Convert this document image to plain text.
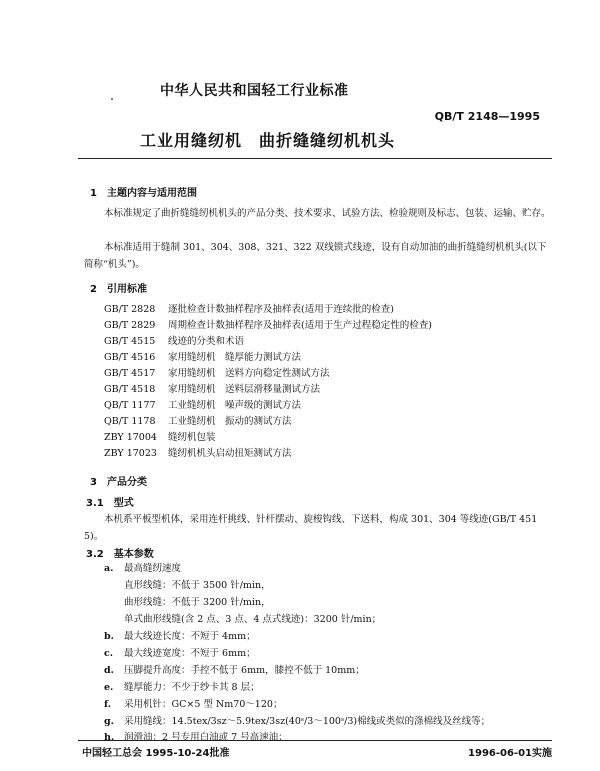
中华人民共和国轻工行业标准
QB/T 2148—1995
工业用缝纫机　曲折缝缝纫机机头
1　主题内容与适用范围
本标准规定了曲折缝缝纫机机头的产品分类、技术要求、试验方法、检验规则及标志、包装、运输、贮存。
本标准适用于缝制 301、304、308、321、322 双线锁式线迹，设有自动加油的曲折缝缝纫机机头(以下简称“机头”)。
2　引用标准
GB/T 2828 逐批检查计数抽样程序及抽样表(适用于连续批的检查)
GB/T 2829 周期检查计数抽样程序及抽样表(适用于生产过程稳定性的检查)
GB/T 4515 线迹的分类和术语
GB/T 4516 家用缝纫机　缝厚能力测试方法
GB/T 4517 家用缝纫机　送料方向稳定性测试方法
GB/T 4518 家用缝纫机　送料层滑移量测试方法
QB/T 1177 工业缝纫机　噪声级的测试方法
QB/T 1178 工业缝纫机　振动的测试方法
ZBY 17004 缝纫机包装
ZBY 17023 缝纫机机头启动扭矩测试方法
3　产品分类
3.1　型式
本机系平板型机体，采用连杆挑线、针杆摆动、旋梭钩线、下送料，构成 301、304 等线迹(GB/T 4515)。
3.2　基本参数
a. 最高缝纫速度
直形线缝：不低于 3500 针/min，
曲形线缝：不低于 3200 针/min，
单式曲形线缝(含 2 点、3 点、4 点式线迹)：3200 针/min；
b. 最大线迹长度：不短于 4mm；
c. 最大线迹宽度：不短于 6mm；
d. 压脚提升高度：手控不低于 6mm，膝控不低于 10mm；
e. 缝厚能力：不少于纱卡其 8 层；
f. 采用机针：GC×5 型 Nm70～120；
g. 采用缝线：14.5tex/3sz～5.9tex/3sz(40ˢ/3～100ˢ/3)棉线或类似的涤棉线及丝线等；
h. 润滑油：2 号专用白油或 7 号高速油；
中国轻工总会 1995-10-24批准	1996-06-01实施
